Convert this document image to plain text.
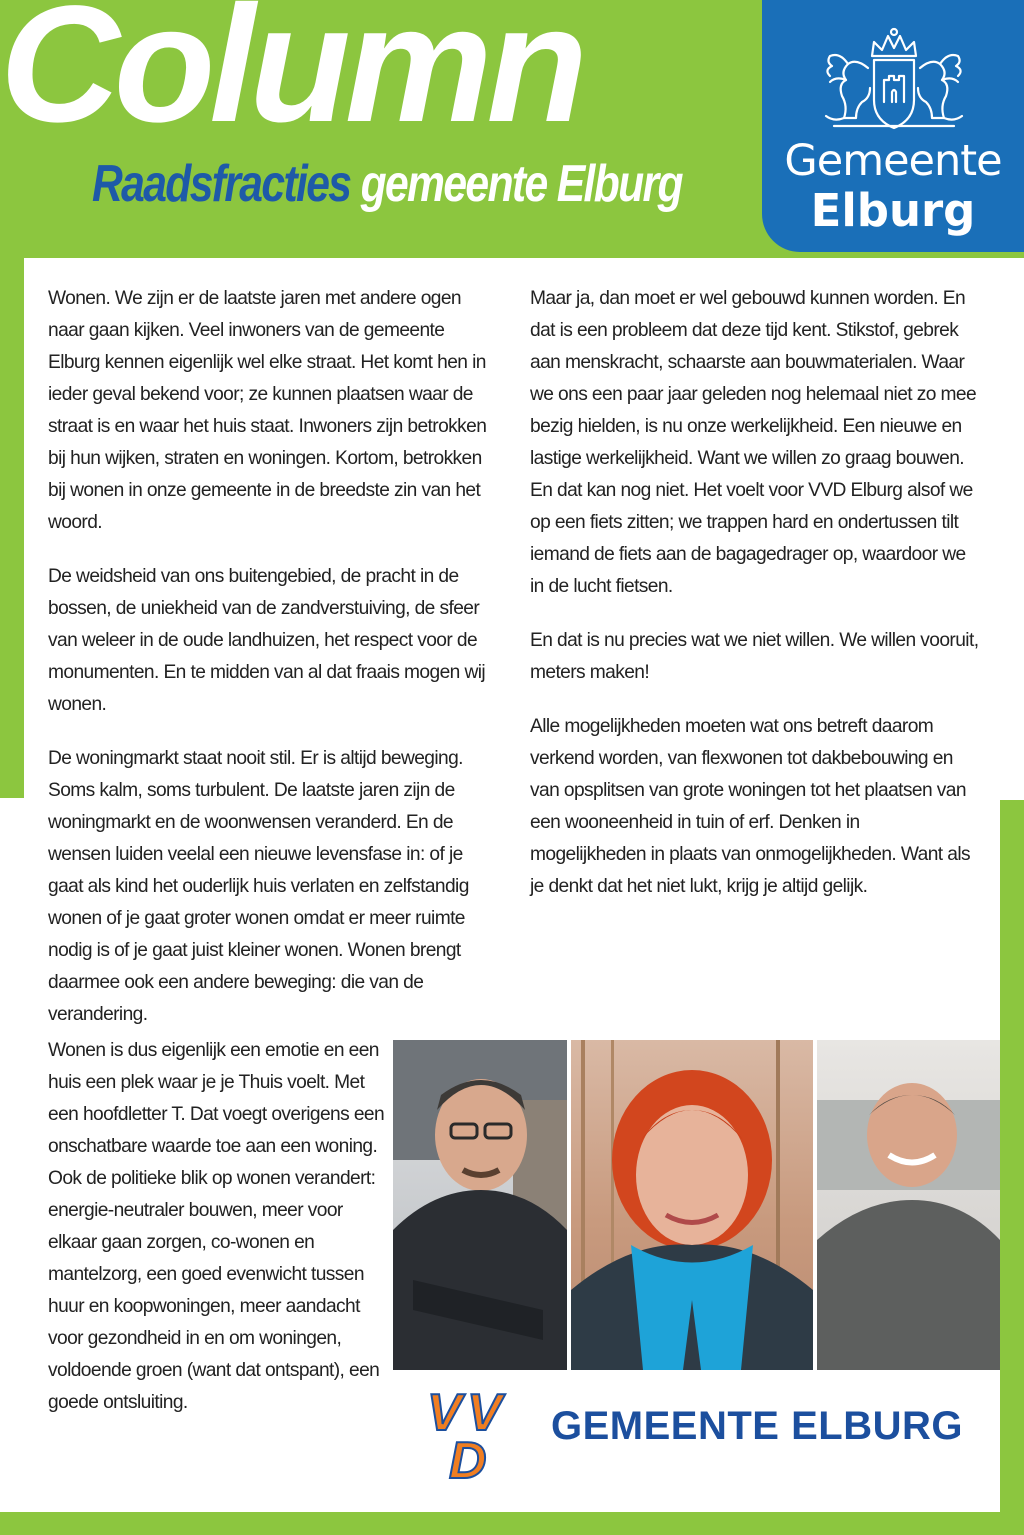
Column
Raadsfracties gemeente Elburg	Gemeente
Elburg

Wonen. We zijn er de laatste jaren met andere ogen naar gaan kijken. Veel inwoners van de gemeente Elburg kennen eigenlijk wel elke straat. Het komt hen in ieder geval bekend voor; ze kunnen plaatsen waar de straat is en waar het huis staat. Inwoners zijn betrokken bij hun wijken, straten en woningen. Kortom, betrokken bij wonen in onze gemeente in de breedste zin van het woord.

De weidsheid van ons buitengebied, de pracht in de bossen, de uniekheid van de zandverstuiving, de sfeer van weleer in de oude landhuizen, het respect voor de monumenten. En te midden van al dat fraais mogen wij wonen.

De woningmarkt staat nooit stil. Er is altijd beweging. Soms kalm, soms turbulent. De laatste jaren zijn de woningmarkt en de woonwensen veranderd. En de wensen luiden veelal een nieuwe levensfase in: of je gaat als kind het ouderlijk huis verlaten en zelfstandig wonen of je gaat groter wonen omdat er meer ruimte nodig is of je gaat juist kleiner wonen. Wonen brengt daarmee ook een andere beweging: die van de verandering.

Wonen is dus eigenlijk een emotie en een huis een plek waar je je Thuis voelt. Met een hoofdletter T. Dat voegt overigens een onschatbare waarde toe aan een woning.
Ook de politieke blik op wonen verandert: energie-neutraler bouwen, meer voor elkaar gaan zorgen, co-wonen en mantelzorg, een goed evenwicht tussen huur en koopwoningen, meer aandacht voor gezondheid in en om woningen, voldoende groen (want dat ontspant), een goede ontsluiting.

Maar ja, dan moet er wel gebouwd kunnen worden. En dat is een probleem dat deze tijd kent. Stikstof, gebrek aan menskracht, schaarste aan bouwmaterialen. Waar we ons een paar jaar geleden nog helemaal niet zo mee bezig hielden, is nu onze werkelijkheid. Een nieuwe en lastige werkelijkheid. Want we willen zo graag bouwen. En dat kan nog niet. Het voelt voor VVD Elburg alsof we op een fiets zitten; we trappen hard en ondertussen tilt iemand de fiets aan de bagagedrager op, waardoor we in de lucht fietsen.

En dat is nu precies wat we niet willen. We willen vooruit, meters maken!

Alle mogelijkheden moeten wat ons betreft daarom verkend worden, van flexwonen tot dakbebouwing en van opsplitsen van grote woningen tot het plaatsen van een wooneenheid in tuin of erf. Denken in mogelijkheden in plaats van onmogelijkheden. Want als je denkt dat het niet lukt, krijg je altijd gelijk.

V V
D
GEMEENTE ELBURG
